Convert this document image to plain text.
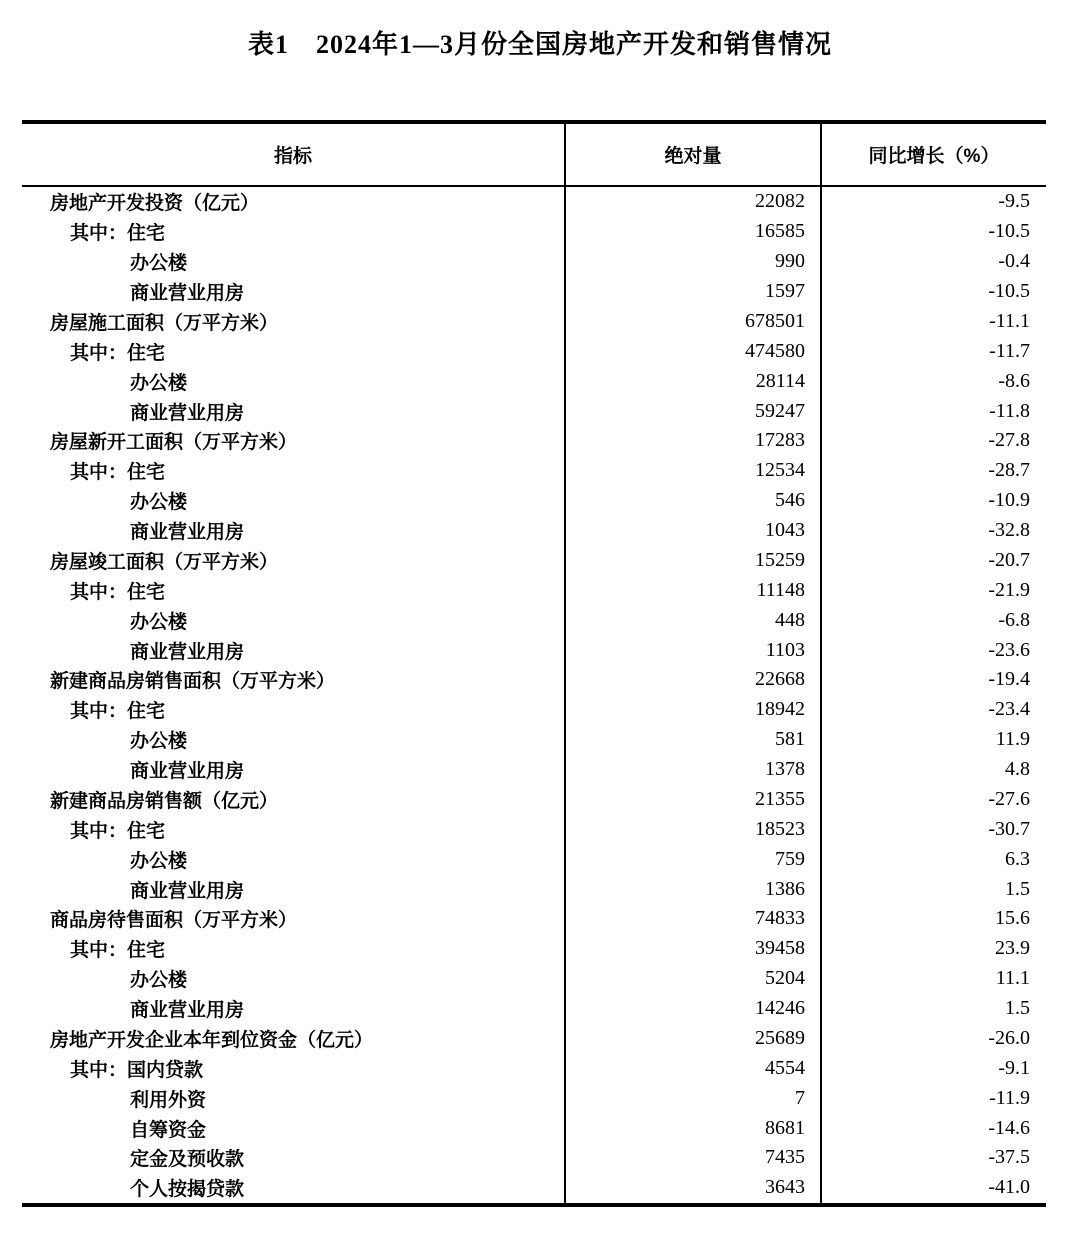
表1　2024年1—3月份全国房地产开发和销售情况
指标	绝对量	同比增长（%）
房地产开发投资（亿元）	22082	-9.5
其中：住宅	16585	-10.5
办公楼	990	-0.4
商业营业用房	1597	-10.5
房屋施工面积（万平方米）	678501	-11.1
其中：住宅	474580	-11.7
办公楼	28114	-8.6
商业营业用房	59247	-11.8
房屋新开工面积（万平方米）	17283	-27.8
其中：住宅	12534	-28.7
办公楼	546	-10.9
商业营业用房	1043	-32.8
房屋竣工面积（万平方米）	15259	-20.7
其中：住宅	11148	-21.9
办公楼	448	-6.8
商业营业用房	1103	-23.6
新建商品房销售面积（万平方米）	22668	-19.4
其中：住宅	18942	-23.4
办公楼	581	11.9
商业营业用房	1378	4.8
新建商品房销售额（亿元）	21355	-27.6
其中：住宅	18523	-30.7
办公楼	759	6.3
商业营业用房	1386	1.5
商品房待售面积（万平方米）	74833	15.6
其中：住宅	39458	23.9
办公楼	5204	11.1
商业营业用房	14246	1.5
房地产开发企业本年到位资金（亿元）	25689	-26.0
其中：国内贷款	4554	-9.1
利用外资	7	-11.9
自筹资金	8681	-14.6
定金及预收款	7435	-37.5
个人按揭贷款	3643	-41.0
